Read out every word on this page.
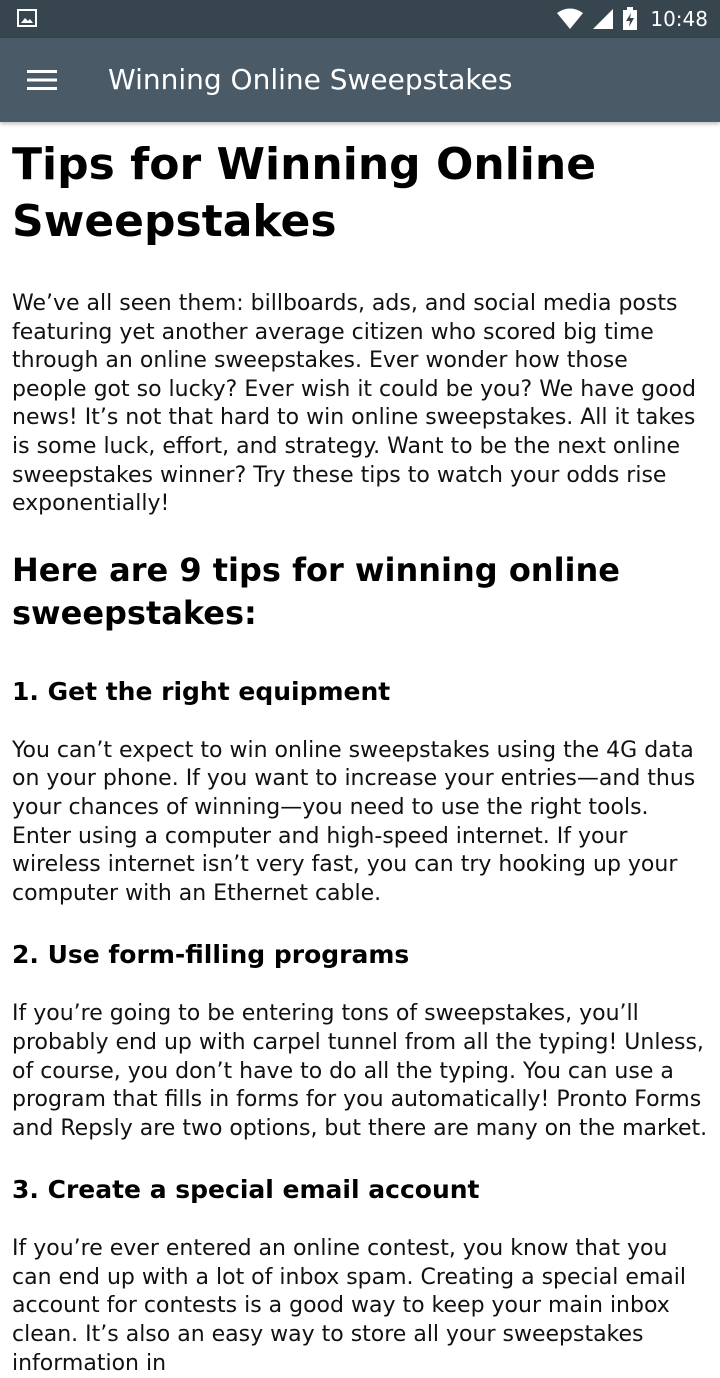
10:48
Winning Online Sweepstakes
Tips for Winning Online Sweepstakes

We’ve all seen them: billboards, ads, and social media posts featuring yet another average citizen who scored big time through an online sweepstakes. Ever wonder how those people got so lucky? Ever wish it could be you? We have good news! It’s not that hard to win online sweepstakes. All it takes is some luck, effort, and strategy. Want to be the next online sweepstakes winner? Try these tips to watch your odds rise exponentially!

Here are 9 tips for winning online sweepstakes:
1. Get the right equipment

You can’t expect to win online sweepstakes using the 4G data on your phone. If you want to increase your entries—and thus your chances of winning—you need to use the right tools. Enter using a computer and high-speed internet. If your wireless internet isn’t very fast, you can try hooking up your computer with an Ethernet cable.

2. Use form-filling programs

If you’re going to be entering tons of sweepstakes, you’ll probably end up with carpel tunnel from all the typing! Unless, of course, you don’t have to do all the typing. You can use a program that fills in forms for you automatically! Pronto Forms and Repsly are two options, but there are many on the market.

3. Create a special email account

If you’re ever entered an online contest, you know that you can end up with a lot of inbox spam. Creating a special email account for contests is a good way to keep your main inbox clean. It’s also an easy way to store all your sweepstakes information in
